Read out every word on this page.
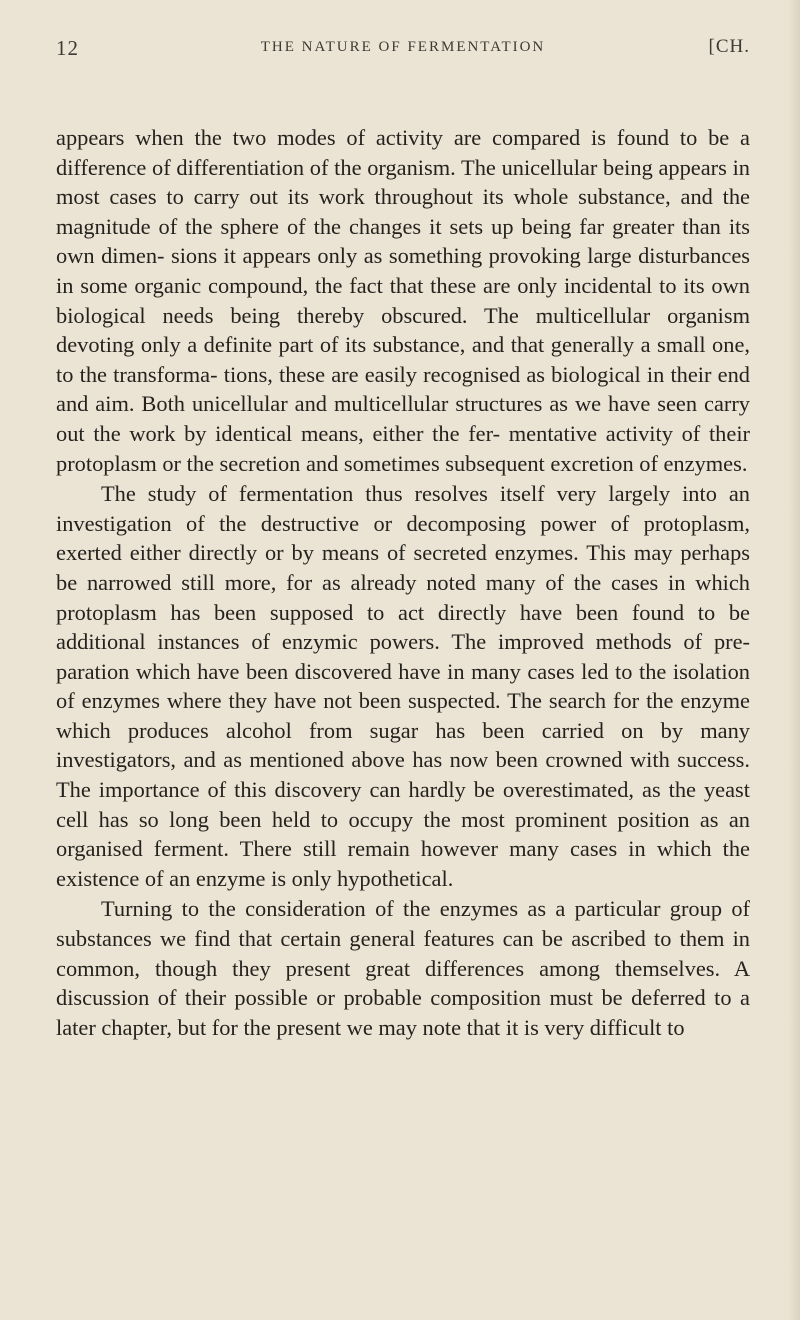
12	THE NATURE OF FERMENTATION	[CH.

appears when the two modes of activity are compared is found to be a difference of differentiation of the organism. The unicellular being appears in most cases to carry out its work throughout its whole substance, and the magnitude of the sphere of the changes it sets up being far greater than its own dimen- sions it appears only as something provoking large disturbances in some organic compound, the fact that these are only incidental to its own biological needs being thereby obscured. The multicellular organism devoting only a definite part of its substance, and that generally a small one, to the transforma- tions, these are easily recognised as biological in their end and aim. Both unicellular and multicellular structures as we have seen carry out the work by identical means, either the fer- mentative activity of their protoplasm or the secretion and sometimes subsequent excretion of enzymes.

The study of fermentation thus resolves itself very largely into an investigation of the destructive or decomposing power of protoplasm, exerted either directly or by means of secreted enzymes. This may perhaps be narrowed still more, for as already noted many of the cases in which protoplasm has been supposed to act directly have been found to be additional instances of enzymic powers. The improved methods of pre- paration which have been discovered have in many cases led to the isolation of enzymes where they have not been suspected. The search for the enzyme which produces alcohol from sugar has been carried on by many investigators, and as mentioned above has now been crowned with success. The importance of this discovery can hardly be overestimated, as the yeast cell has so long been held to occupy the most prominent position as an organised ferment. There still remain however many cases in which the existence of an enzyme is only hypothetical.

Turning to the consideration of the enzymes as a particular group of substances we find that certain general features can be ascribed to them in common, though they present great differences among themselves. A discussion of their possible or probable composition must be deferred to a later chapter, but for the present we may note that it is very difficult to
